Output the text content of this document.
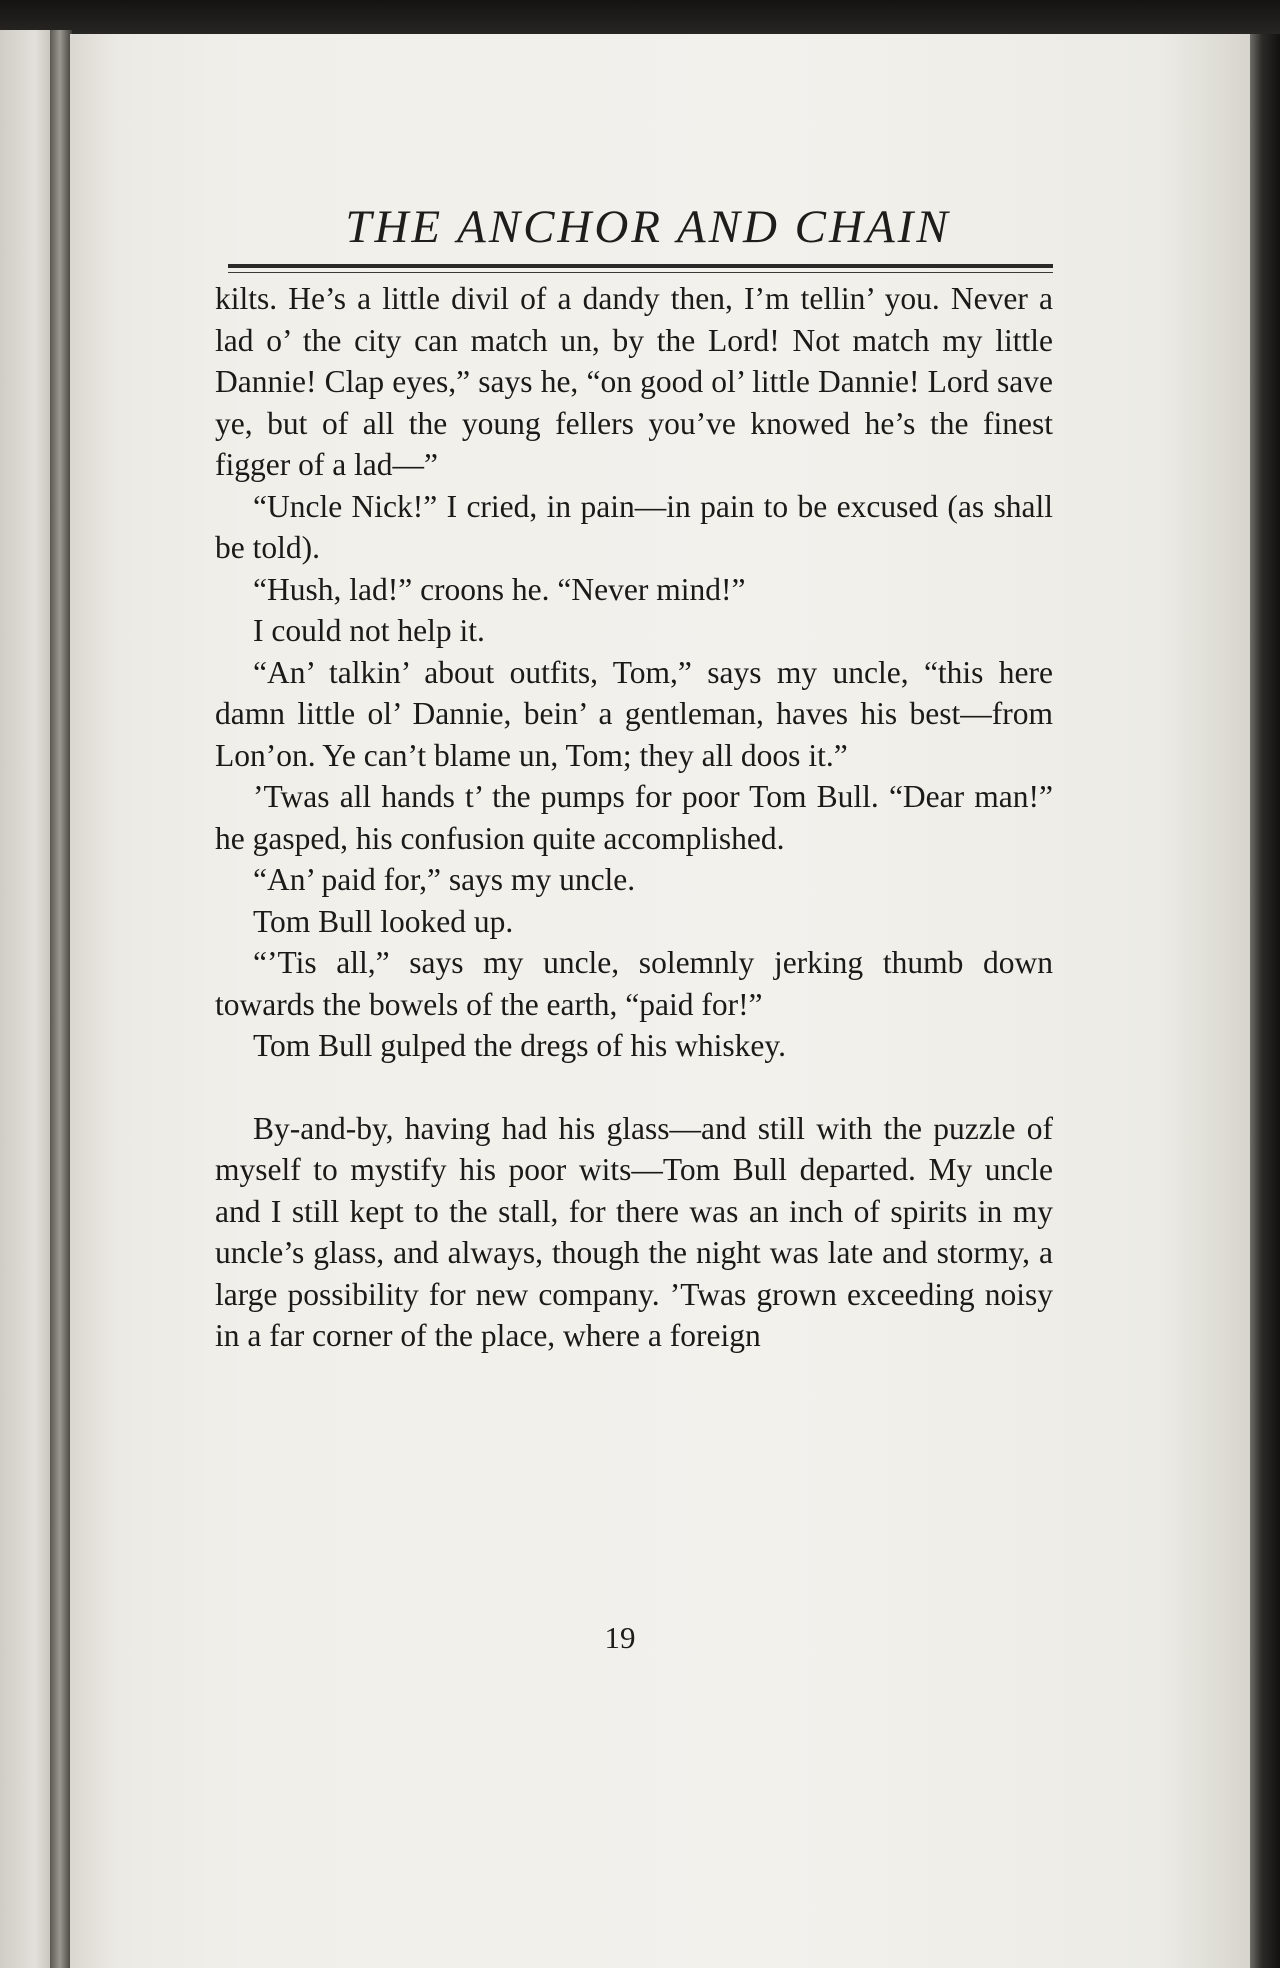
THE ANCHOR AND CHAIN

kilts. He’s a little divil of a dandy then, I’m tellin’ you. Never a lad o’ the city can match un, by the Lord! Not match my little Dannie! Clap eyes,” says he, “on good ol’ little Dannie! Lord save ye, but of all the young fellers you’ve knowed he’s the finest figger of a lad—”

“Uncle Nick!” I cried, in pain—in pain to be excused (as shall be told).

“Hush, lad!” croons he. “Never mind!”

I could not help it.

“An’ talkin’ about outfits, Tom,” says my uncle, “this here damn little ol’ Dannie, bein’ a gentleman, haves his best—from Lon’on. Ye can’t blame un, Tom; they all doos it.”

’Twas all hands t’ the pumps for poor Tom Bull. “Dear man!” he gasped, his confusion quite accomplished.

“An’ paid for,” says my uncle.

Tom Bull looked up.

“’Tis all,” says my uncle, solemnly jerking thumb down towards the bowels of the earth, “paid for!”

Tom Bull gulped the dregs of his whiskey.

By-and-by, having had his glass—and still with the puzzle of myself to mystify his poor wits—Tom Bull departed. My uncle and I still kept to the stall, for there was an inch of spirits in my uncle’s glass, and always, though the night was late and stormy, a large possibility for new company. ’Twas grown exceeding noisy in a far corner of the place, where a foreign

19
